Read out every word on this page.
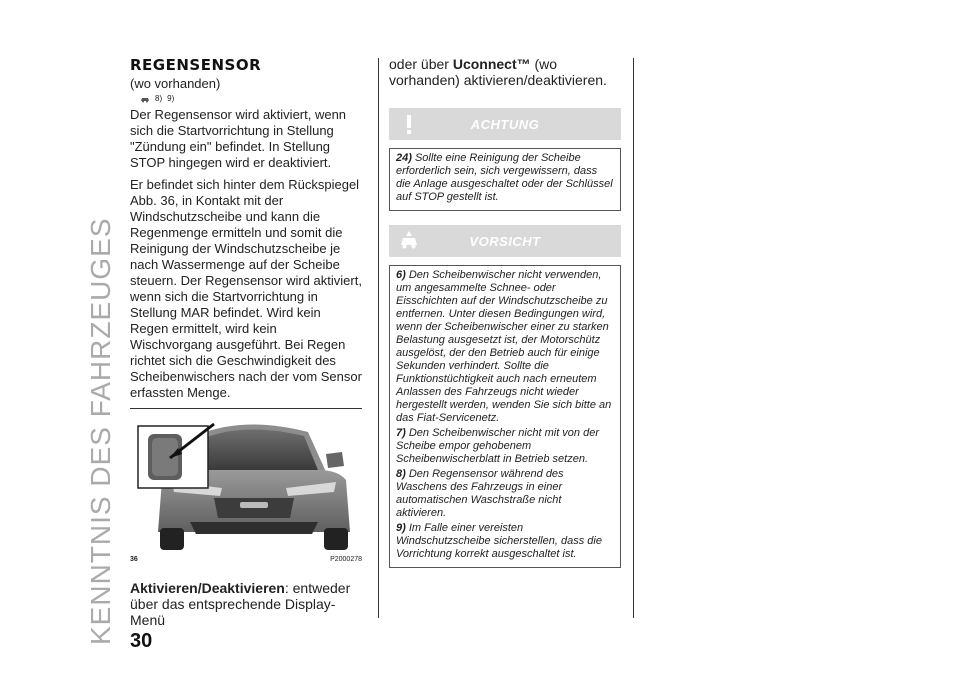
KENNTNIS DES FAHRZEUGES
REGENSENSOR
(wo vorhanden)
8) 9)

Der Regensensor wird aktiviert, wenn sich die Startvorrichtung in Stellung "Zündung ein" befindet. In Stellung STOP hingegen wird er deaktiviert.

Er befindet sich hinter dem Rückspiegel Abb. 36, in Kontakt mit der Windschutzscheibe und kann die Regenmenge ermitteln und somit die Reinigung der Windschutzscheibe je nach Wassermenge auf der Scheibe steuern. Der Regensensor wird aktiviert, wenn sich die Startvorrichtung in Stellung MAR befindet. Wird kein Regen ermittelt, wird kein Wischvorgang ausgeführt. Bei Regen richtet sich die Geschwindigkeit des Scheibenwischers nach der vom Sensor erfassten Menge.

36	P2000278

Aktivieren/Deaktivieren: entweder über das entsprechende Display-Menü

oder über Uconnect™ (wo vorhanden) aktivieren/deaktivieren.

ACHTUNG

24) Sollte eine Reinigung der Scheibe erforderlich sein, sich vergewissern, dass die Anlage ausgeschaltet oder der Schlüssel auf STOP gestellt ist.

VORSICHT

6) Den Scheibenwischer nicht verwenden, um angesammelte Schnee- oder Eisschichten auf der Windschutzscheibe zu entfernen. Unter diesen Bedingungen wird, wenn der Scheibenwischer einer zu starken Belastung ausgesetzt ist, der Motorschütz ausgelöst, der den Betrieb auch für einige Sekunden verhindert. Sollte die Funktionstüchtigkeit auch nach erneutem Anlassen des Fahrzeugs nicht wieder hergestellt werden, wenden Sie sich bitte an das Fiat-Servicenetz.

7) Den Scheibenwischer nicht mit von der Scheibe empor gehobenem Scheibenwischerblatt in Betrieb setzen.

8) Den Regensensor während des Waschens des Fahrzeugs in einer automatischen Waschstraße nicht aktivieren.

9) Im Falle einer vereisten Windschutzscheibe sicherstellen, dass die Vorrichtung korrekt ausgeschaltet ist.

30
